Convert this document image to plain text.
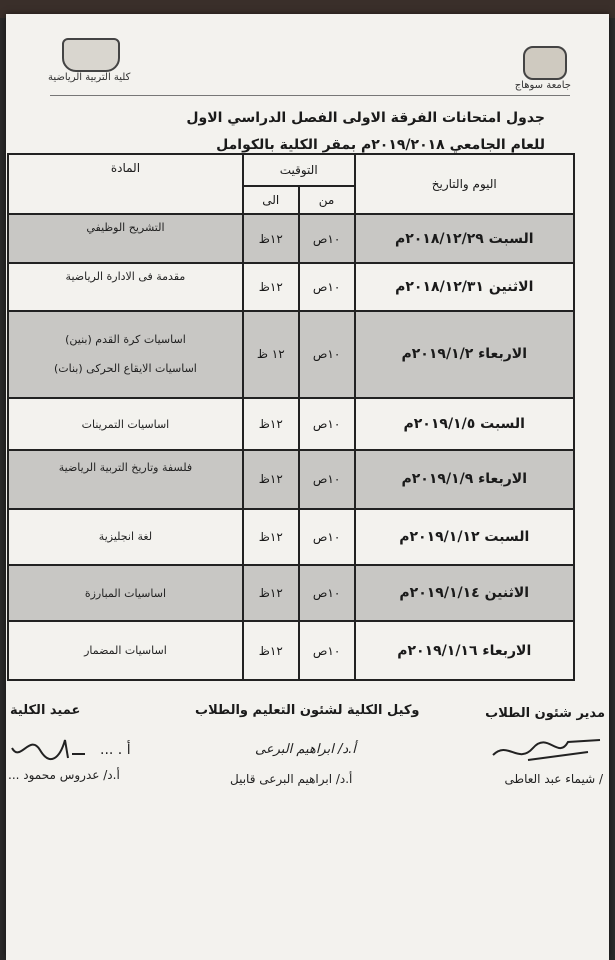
كلية التربية الرياضية
جامعة سوهاج
جدول امتحانات الفرقة الاولى الفصل الدراسي الاول
للعام الجامعي ٢٠١٩/٢٠١٨م بمقر الكلية بالكوامل
اليوم والتاريخ	التوقيت		المادة
	من	الى	
السبت ٢٠١٨/١٢/٢٩م	١٠ص	١٢ظ	التشريح الوظيفي
الاثنين ٢٠١٨/١٢/٣١م	١٠ص	١٢ظ	مقدمة فى الادارة الرياضية
الاربعاء ٢٠١٩/١/٢م	١٠ص	١٢ ظ	اساسيات كرة القدم (بنين)
اساسيات الايقاع الحركى (بنات)

السبت ٢٠١٩/١/٥م	١٠ص	١٢ظ	اساسيات التمرينات
الاربعاء ٢٠١٩/١/٩م	١٠ص	١٢ظ	فلسفة وتاريخ التربية الرياضية
السبت ٢٠١٩/١/١٢م	١٠ص	١٢ظ	لغة انجليزية
الاثنين ٢٠١٩/١/١٤م	١٠ص	١٢ظ	اساسيات المبارزة
الاربعاء ٢٠١٩/١/١٦م	١٠ص	١٢ظ	اساسيات المضمار
عميد الكلية	وكيل الكلية لشئون التعليم والطلاب	مدير شئون الطلاب
أ . ...	أ.د/ ابراهيم البرعى
أ.د/ عدروس محمود ...	أ.د/ ابراهيم البرعى قابيل	/ شيماء عبد العاطى
